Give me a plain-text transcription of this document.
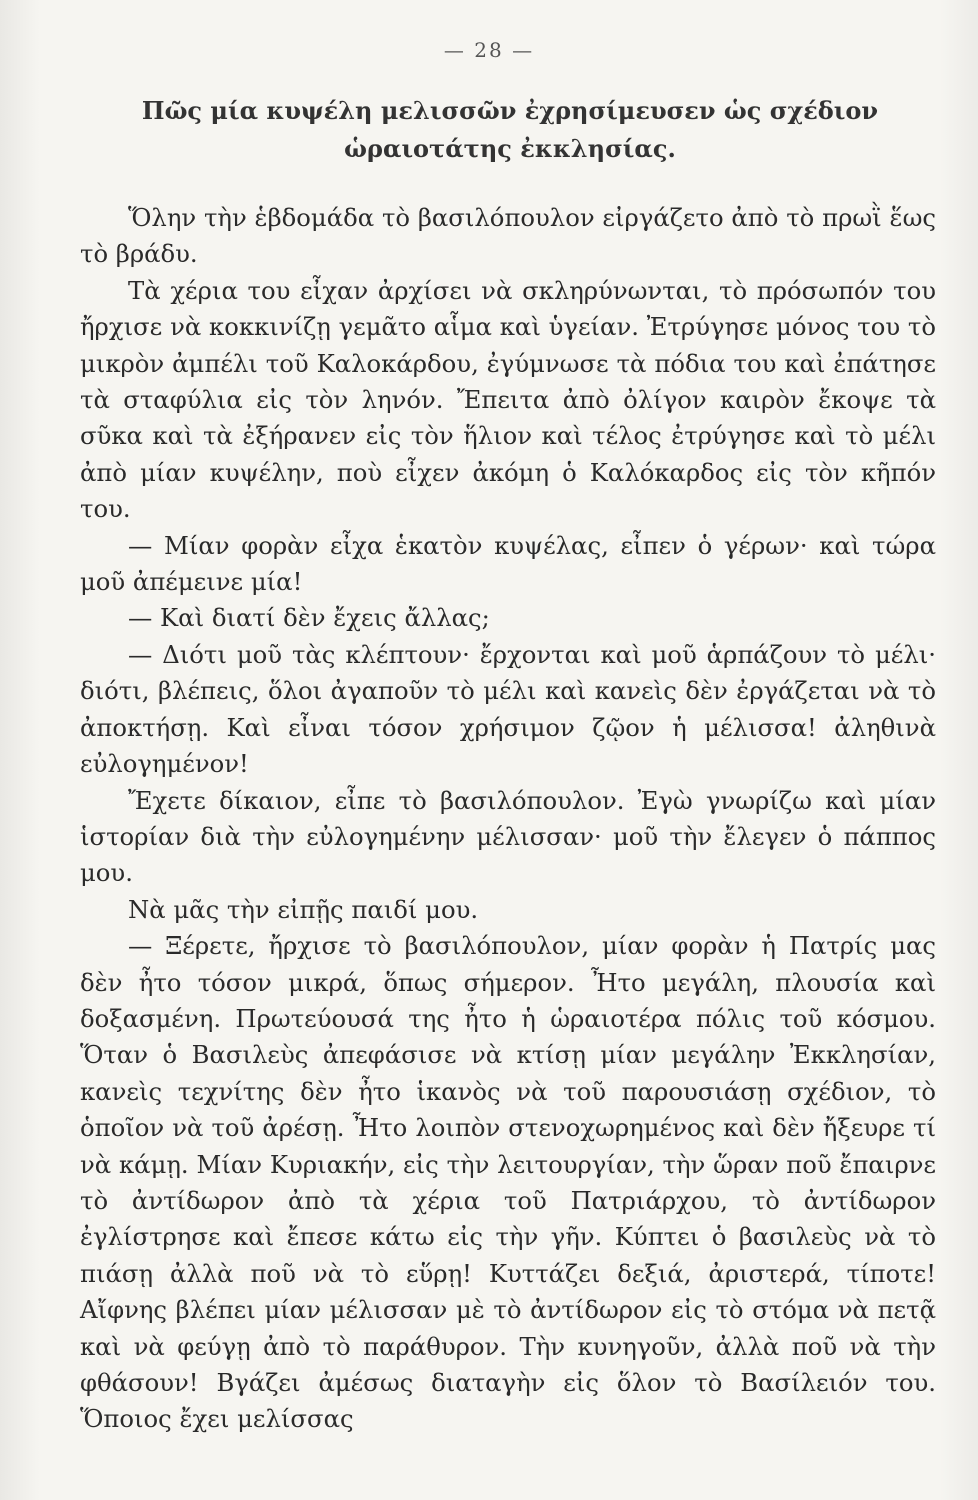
— 28 —
Πῶς μία κυψέλη μελισσῶν ἐχρησίμευσεν ὡς σχέδιον ὡραιοτάτης ἐκκλησίας.

Ὅλην τὴν ἑβδομάδα τὸ βασιλόπουλον εἰργάζετο ἀπὸ τὸ πρωῒ ἕως τὸ βράδυ.

Τὰ χέρια του εἶχαν ἀρχίσει νὰ σκληρύνωνται, τὸ πρόσωπόν του ἤρχισε νὰ κοκκινίζῃ γεμᾶτο αἷμα καὶ ὑγείαν. Ἐτρύγησε μόνος του τὸ μικρὸν ἀμπέλι τοῦ Καλοκάρδου, ἐγύμνωσε τὰ πόδια του καὶ ἐπάτησε τὰ σταφύλια εἰς τὸν ληνόν. Ἔπειτα ἀπὸ ὀλίγον καιρὸν ἔκοψε τὰ σῦκα καὶ τὰ ἐξήρανεν εἰς τὸν ἥλιον καὶ τέλος ἐτρύγησε καὶ τὸ μέλι ἀπὸ μίαν κυψέλην, ποὺ εἶχεν ἀκόμη ὁ Καλόκαρδος εἰς τὸν κῆπόν του.

— Μίαν φορὰν εἶχα ἑκατὸν κυψέλας, εἶπεν ὁ γέρων· καὶ τώρα μοῦ ἀπέμεινε μία!

— Καὶ διατί δὲν ἔχεις ἄλλας;

— Διότι μοῦ τὰς κλέπτουν· ἔρχονται καὶ μοῦ ἁρπάζουν τὸ μέλι· διότι, βλέπεις, ὅλοι ἀγαποῦν τὸ μέλι καὶ κανεὶς δὲν ἐργάζεται νὰ τὸ ἀποκτήσῃ. Καὶ εἶναι τόσον χρήσιμον ζῷον ἡ μέλισσα! ἀληθινὰ εὐλογημένον!

Ἔχετε δίκαιον, εἶπε τὸ βασιλόπουλον. Ἐγὼ γνωρίζω καὶ μίαν ἱστορίαν διὰ τὴν εὐλογημένην μέλισσαν· μοῦ τὴν ἔλεγεν ὁ πάππος μου.

Νὰ μᾶς τὴν εἰπῇς παιδί μου.

— Ξέρετε, ἤρχισε τὸ βασιλόπουλον, μίαν φορὰν ἡ Πατρίς μας δὲν ἦτο τόσον μικρά, ὅπως σήμερον. Ἦτο μεγάλη, πλουσία καὶ δοξασμένη. Πρωτεύουσά της ἦτο ἡ ὡραιοτέρα πόλις τοῦ κόσμου. Ὅταν ὁ Βασιλεὺς ἀπεφάσισε νὰ κτίσῃ μίαν μεγάλην Ἐκκλησίαν, κανεὶς τεχνίτης δὲν ἦτο ἱκανὸς νὰ τοῦ παρουσιάσῃ σχέδιον, τὸ ὁποῖον νὰ τοῦ ἀρέσῃ. Ἦτο λοιπὸν στενοχωρημένος καὶ δὲν ἤξευρε τί νὰ κάμῃ. Μίαν Κυριακήν, εἰς τὴν λειτουργίαν, τὴν ὥραν ποῦ ἔπαιρνε τὸ ἀντίδωρον ἀπὸ τὰ χέρια τοῦ Πατριάρχου, τὸ ἀντίδωρον ἐγλίστρησε καὶ ἔπεσε κάτω εἰς τὴν γῆν. Κύπτει ὁ βασιλεὺς νὰ τὸ πιάσῃ ἀλλὰ ποῦ νὰ τὸ εὕρῃ! Κυττάζει δεξιά, ἀριστερά, τίποτε! Αἴφνης βλέπει μίαν μέλισσαν μὲ τὸ ἀντίδωρον εἰς τὸ στόμα νὰ πετᾷ καὶ νὰ φεύγῃ ἀπὸ τὸ παράθυρον. Τὴν κυνηγοῦν, ἀλλὰ ποῦ νὰ τὴν φθάσουν! Βγάζει ἀμέσως διαταγὴν εἰς ὅλον τὸ Βασίλειόν του. Ὅποιος ἔχει μελίσσας
